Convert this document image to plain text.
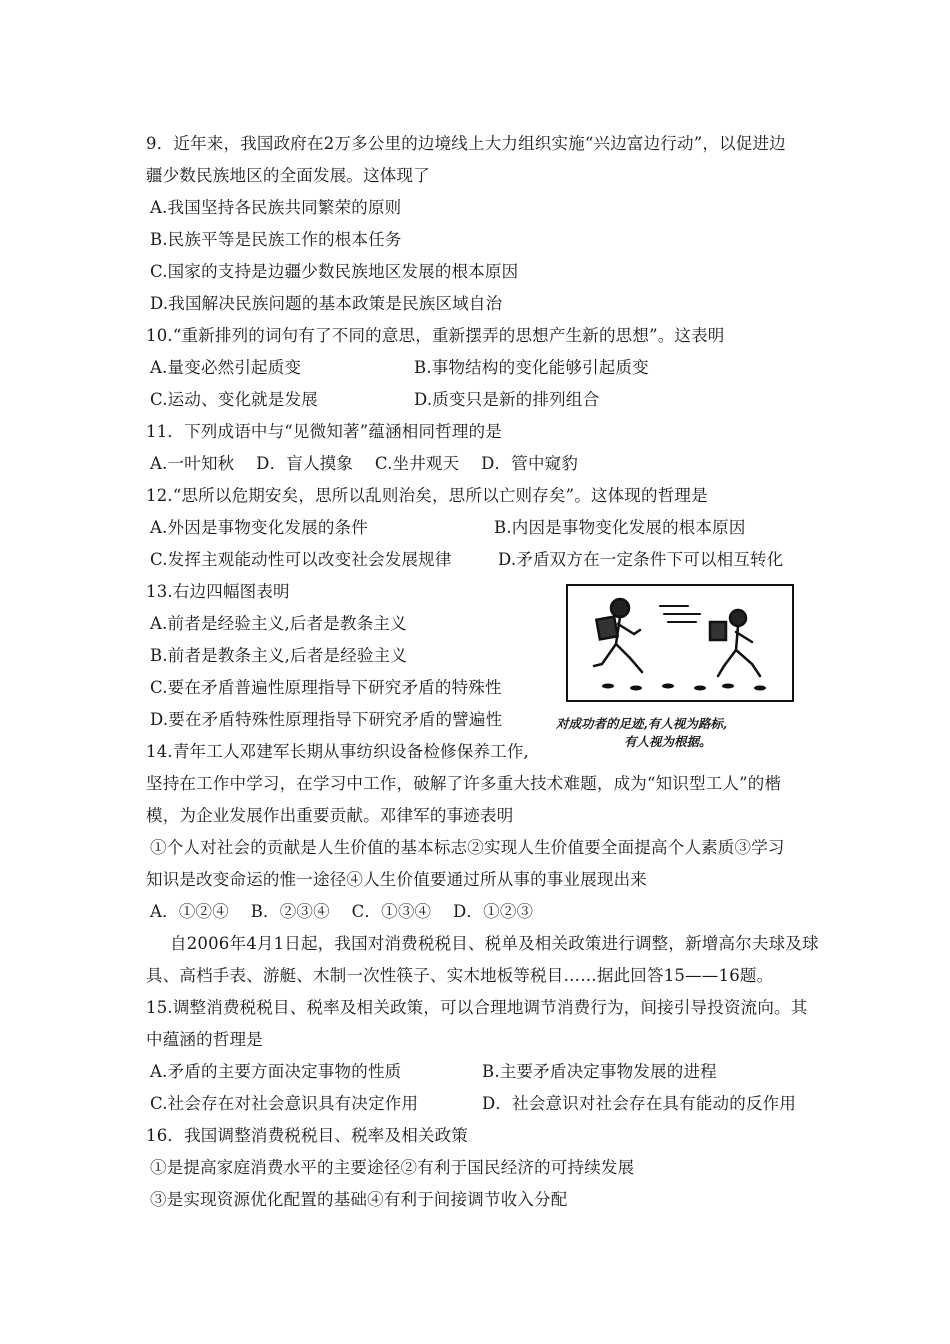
9．近年来，我国政府在2万多公里的边境线上大力组织实施“兴边富边行动”，以促进边
疆少数民族地区的全面发展。这体现了
A.我国坚持各民族共同繁荣的原则
B.民族平等是民族工作的根本任务
C.国家的支持是边疆少数民族地区发展的根本原因
D.我国解决民族问题的基本政策是民族区域自治
10.“重新排列的词句有了不同的意思，重新摆弄的思想产生新的思想”。这表明
A.量变必然引起质变	B.事物结构的变化能够引起质变
C.运动、变化就是发展	D.质变只是新的排列组合
11．下列成语中与“见微知著”蕴涵相同哲理的是
A.一叶知秋    D．盲人摸象    C.坐井观天    D．管中窥豹
12.“思所以危期安矣，思所以乱则治矣，思所以亡则存矣”。这体现的哲理是
A.外因是事物变化发展的条件	B.内因是事物变化发展的根本原因
C.发挥主观能动性可以改变社会发展规律	D.矛盾双方在一定条件下可以相互转化
13.右边四幅图表明
A.前者是经验主义,后者是教条主义
B.前者是教条主义,后者是经验主义
C.要在矛盾普遍性原理指导下研究矛盾的特殊性
D.要在矛盾特殊性原理指导下研究矛盾的譬遍性	对成功者的足迹,有人视为路标,
有人视为根据。
14.青年工人邓建军长期从事纺织设备检修保养工作,
坚持在工作中学习，在学习中工作，破解了许多重大技术难题，成为“知识型工人”的楷
模，为企业发展作出重要贡献。邓律军的事迹表明
①个人对社会的贡献是人生价值的基本标志②实现人生价值要全面提高个人素质③学习
知识是改变命运的惟一途径④人生价值要通过所从事的事业展现出来
A．①②④    B．②③④    C．①③④    D．①②③
自2006年4月1日起，我国对消费税税目、税单及相关政策进行调整，新增高尔夫球及球
具、高档手表、游艇、木制一次性筷子、实木地板等税目……据此回答15——16题。
15.调整消费税税目、税率及相关政策，可以合理地调节消费行为，间接引导投资流向。其
中蕴涵的哲理是
A.矛盾的主要方面决定事物的性质	B.主要矛盾决定事物发展的进程
C.社会存在对社会意识具有决定作用	D．社会意识对社会存在具有能动的反作用
16．我国调整消费税税目、税率及相关政策
①是提高家庭消费水平的主要途径②有利于国民经济的可持续发展
③是实现资源优化配置的基础④有利于间接调节收入分配
